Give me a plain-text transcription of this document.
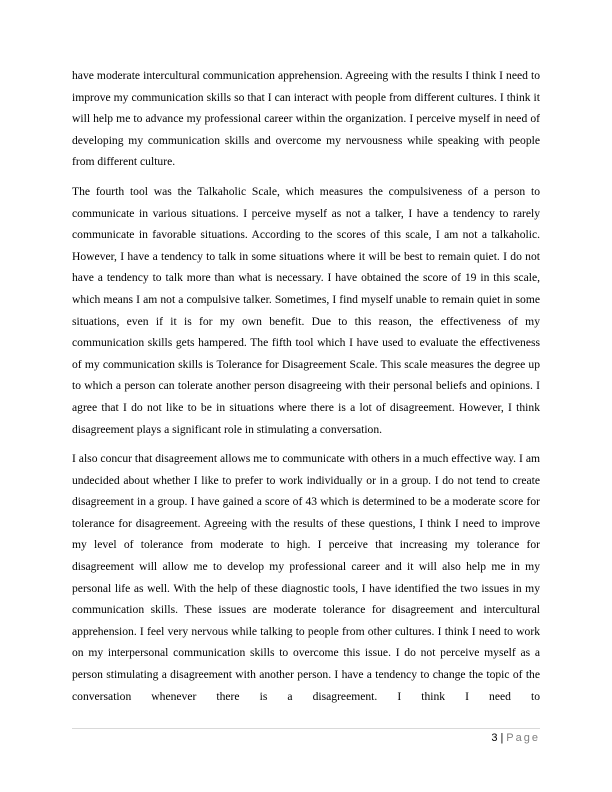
have moderate intercultural communication apprehension. Agreeing with the results I think I need to improve my communication skills so that I can interact with people from different cultures. I think it will help me to advance my professional career within the organization. I perceive myself in need of developing my communication skills and overcome my nervousness while speaking with people from different culture.

The fourth tool was the Talkaholic Scale, which measures the compulsiveness of a person to communicate in various situations. I perceive myself as not a talker, I have a tendency to rarely communicate in favorable situations. According to the scores of this scale, I am not a talkaholic. However, I have a tendency to talk in some situations where it will be best to remain quiet. I do not have a tendency to talk more than what is necessary. I have obtained the score of 19 in this scale, which means I am not a compulsive talker. Sometimes, I find myself unable to remain quiet in some situations, even if it is for my own benefit. Due to this reason, the effectiveness of my communication skills gets hampered. The fifth tool which I have used to evaluate the effectiveness of my communication skills is Tolerance for Disagreement Scale. This scale measures the degree up to which a person can tolerate another person disagreeing with their personal beliefs and opinions. I agree that I do not like to be in situations where there is a lot of disagreement. However, I think disagreement plays a significant role in stimulating a conversation.

I also concur that disagreement allows me to communicate with others in a much effective way. I am undecided about whether I like to prefer to work individually or in a group. I do not tend to create disagreement in a group. I have gained a score of 43 which is determined to be a moderate score for tolerance for disagreement. Agreeing with the results of these questions, I think I need to improve my level of tolerance from moderate to high. I perceive that increasing my tolerance for disagreement will allow me to develop my professional career and it will also help me in my personal life as well. With the help of these diagnostic tools, I have identified the two issues in my communication skills. These issues are moderate tolerance for disagreement and intercultural apprehension. I feel very nervous while talking to people from other cultures. I think I need to work on my interpersonal communication skills to overcome this issue. I do not perceive myself as a person stimulating a disagreement with another person. I have a tendency to change the topic of the conversation whenever there is a disagreement. I think I need to

3 | Page
